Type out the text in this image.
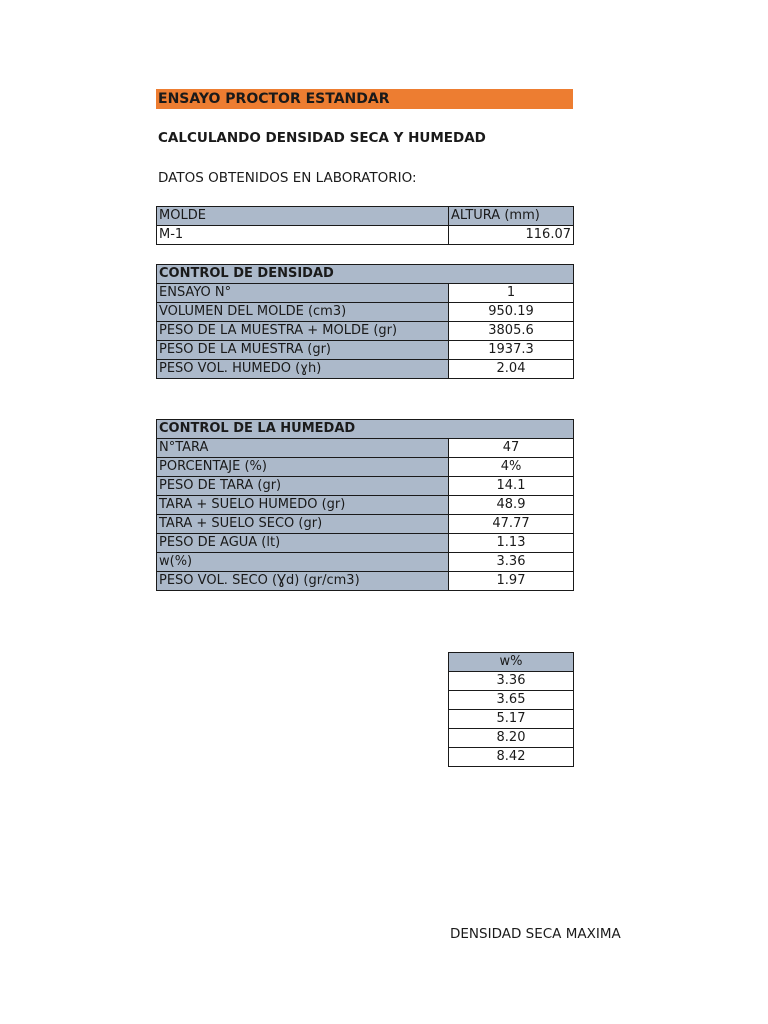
ENSAYO PROCTOR ESTANDAR
CALCULANDO DENSIDAD SECA Y HUMEDAD
DATOS OBTENIDOS EN LABORATORIO:
MOLDE	ALTURA (mm)
M-1	116.07
CONTROL DE DENSIDAD	
ENSAYO N°	1
VOLUMEN DEL MOLDE (cm3)	950.19
PESO DE LA MUESTRA + MOLDE (gr)	3805.6
PESO DE LA MUESTRA (gr)	1937.3
PESO VOL. HUMEDO (ɣh)	2.04
CONTROL DE LA HUMEDAD	
N°TARA	47
PORCENTAJE (%)	4%
PESO DE TARA (gr)	14.1
TARA + SUELO HUMEDO (gr)	48.9
TARA + SUELO SECO (gr)	47.77
PESO DE AGUA (lt)	1.13
w(%)	3.36
PESO VOL. SECO (Ɣd) (gr/cm3)	1.97
w%
3.36
3.65
5.17
8.20
8.42
DENSIDAD SECA MAXIMA
